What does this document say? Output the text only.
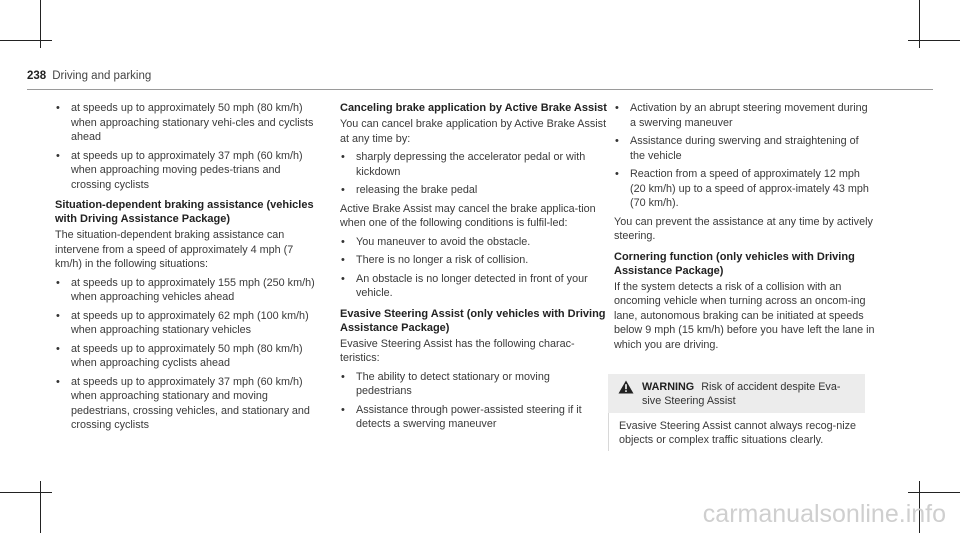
238 Driving and parking
• at speeds up to approximately 50 mph (80 km/h) when approaching stationary vehi-cles and cyclists ahead
• at speeds up to approximately 37 mph (60 km/h) when approaching moving pedes-trians and crossing cyclists
Situation-dependent braking assistance (vehicles with Driving Assistance Package)

The situation-dependent braking assistance can intervene from a speed of approximately 4 mph (7 km/h) in the following situations:

• at speeds up to approximately 155 mph (250 km/h) when approaching vehicles ahead
• at speeds up to approximately 62 mph (100 km/h) when approaching stationary vehicles
• at speeds up to approximately 50 mph (80 km/h) when approaching cyclists ahead
• at speeds up to approximately 37 mph (60 km/h) when approaching stationary and moving pedestrians, crossing vehicles, and stationary and crossing cyclists
Canceling brake application by Active Brake Assist

You can cancel brake application by Active Brake Assist at any time by:

• sharply depressing the accelerator pedal or with kickdown
• releasing the brake pedal

Active Brake Assist may cancel the brake applica-tion when one of the following conditions is fulfil-led:

• You maneuver to avoid the obstacle.
• There is no longer a risk of collision.
• An obstacle is no longer detected in front of your vehicle.
Evasive Steering Assist (only vehicles with Driving Assistance Package)

Evasive Steering Assist has the following charac-teristics:

• The ability to detect stationary or moving pedestrians
• Assistance through power-assisted steering if it detects a swerving maneuver
• Activation by an abrupt steering movement during a swerving maneuver
• Assistance during swerving and straightening of the vehicle
• Reaction from a speed of approximately 12 mph (20 km/h) up to a speed of approx-imately 43 mph (70 km/h).

You can prevent the assistance at any time by actively steering.

Cornering function (only vehicles with Driving Assistance Package)

If the system detects a risk of a collision with an oncoming vehicle when turning across an oncom-ing lane, autonomous braking can be initiated at speeds below 9 mph (15 km/h) before you have left the lane in which you are driving.

WARNING Risk of accident despite Eva-sive Steering Assist
Evasive Steering Assist cannot always recog-nize objects or complex traffic situations clearly.
carmanualsonline.info
